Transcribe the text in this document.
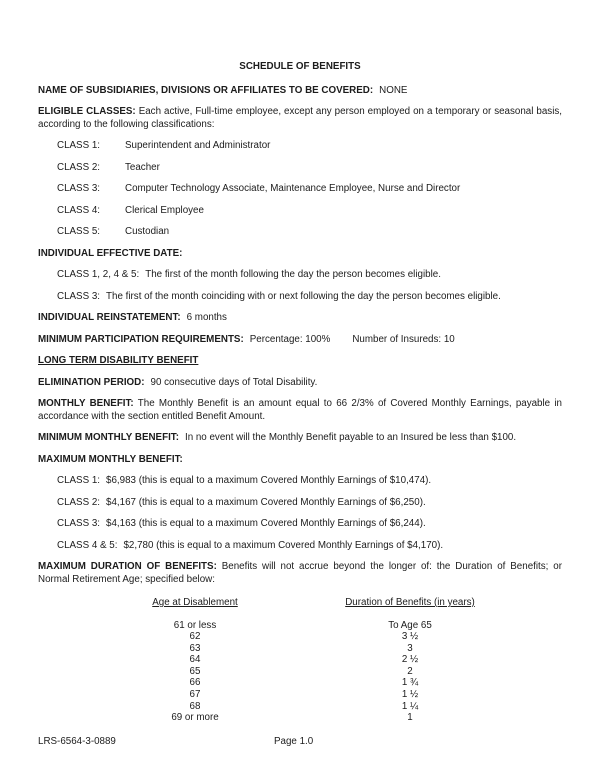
SCHEDULE OF BENEFITS

NAME OF SUBSIDIARIES, DIVISIONS OR AFFILIATES TO BE COVERED: NONE

ELIGIBLE CLASSES: Each active, Full-time employee, except any person employed on a temporary or seasonal basis,

according to the following classifications:

CLASS 1:	Superintendent and Administrator
CLASS 2:	Teacher
CLASS 3:	Computer Technology Associate, Maintenance Employee, Nurse and Director
CLASS 4:	Clerical Employee
CLASS 5:	Custodian

INDIVIDUAL EFFECTIVE DATE:

CLASS 1, 2, 4 & 5: The first of the month following the day the person becomes eligible.

CLASS 3: The first of the month coinciding with or next following the day the person becomes eligible.

INDIVIDUAL REINSTATEMENT: 6 months

MINIMUM PARTICIPATION REQUIREMENTS: Percentage: 100% Number of Insureds: 10

LONG TERM DISABILITY BENEFIT

ELIMINATION PERIOD: 90 consecutive days of Total Disability.

MONTHLY BENEFIT: The Monthly Benefit is an amount equal to 66 2/3% of Covered Monthly Earnings, payable in

accordance with the section entitled Benefit Amount.

MINIMUM MONTHLY BENEFIT: In no event will the Monthly Benefit payable to an Insured be less than $100.

MAXIMUM MONTHLY BENEFIT:

CLASS 1: $6,983 (this is equal to a maximum Covered Monthly Earnings of $10,474).

CLASS 2: $4,167 (this is equal to a maximum Covered Monthly Earnings of $6,250).

CLASS 3: $4,163 (this is equal to a maximum Covered Monthly Earnings of $6,244).

CLASS 4 & 5: $2,780 (this is equal to a maximum Covered Monthly Earnings of $4,170).

MAXIMUM DURATION OF BENEFITS: Benefits will not accrue beyond the longer of: the Duration of Benefits; or

Normal Retirement Age; specified below:

Age at Disablement	Duration of Benefits (in years)
61 or less	To Age 65
62	3 ½
63	3
64	2 ½
65	2
66	1 ¾
67	1 ½
68	1 ¼
69 or more	1
LRS-6564-3-0889	Page 1.0
